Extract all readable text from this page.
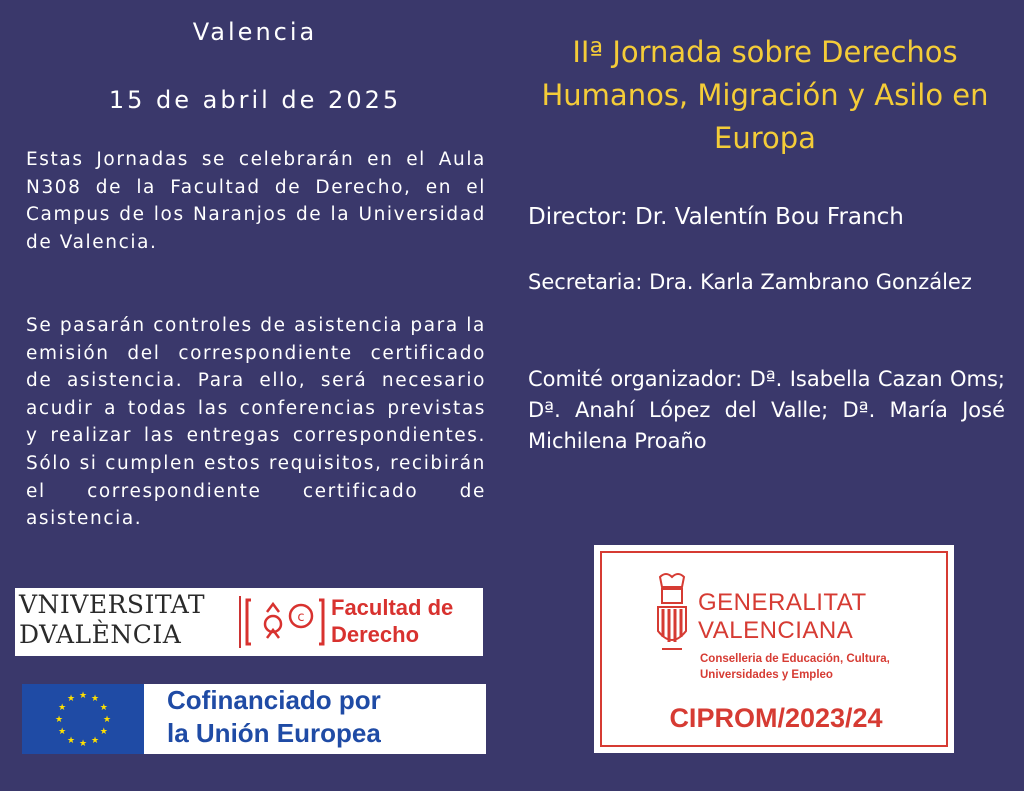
Valencia
15 de abril de 2025

Estas Jornadas se celebrarán en el Aula N308 de la Facultad de Derecho, en el Campus de los Naranjos de la Universidad de Valencia.

Se pasarán controles de asistencia para la emisión del correspondiente certificado de asistencia. Para ello, será necesario acudir a todas las conferencias previstas y realizar las entregas correspondientes. Sólo si cumplen estos requisitos, recibirán el correspondiente certificado de asistencia.

IIª Jornada sobre Derechos Humanos, Migración y Asilo en Europa

Director: Dr. Valentín Bou Franch

Secretaria: Dra. Karla Zambrano González

Comité organizador: Dª. Isabella Cazan Oms; Dª. Anahí López del Valle; Dª. María José Michilena Proaño

VNIVERSITAT
DVALÈNCIA
c Facultad de
Derecho
★ ★
★
★
★
★
★
★
★
★
★
★	Cofinanciado por
la Unión Europea
GENERALITAT
VALENCIANA
Conselleria de Educación, Cultura,
Universidades y Empleo
CIPROM/2023/24
